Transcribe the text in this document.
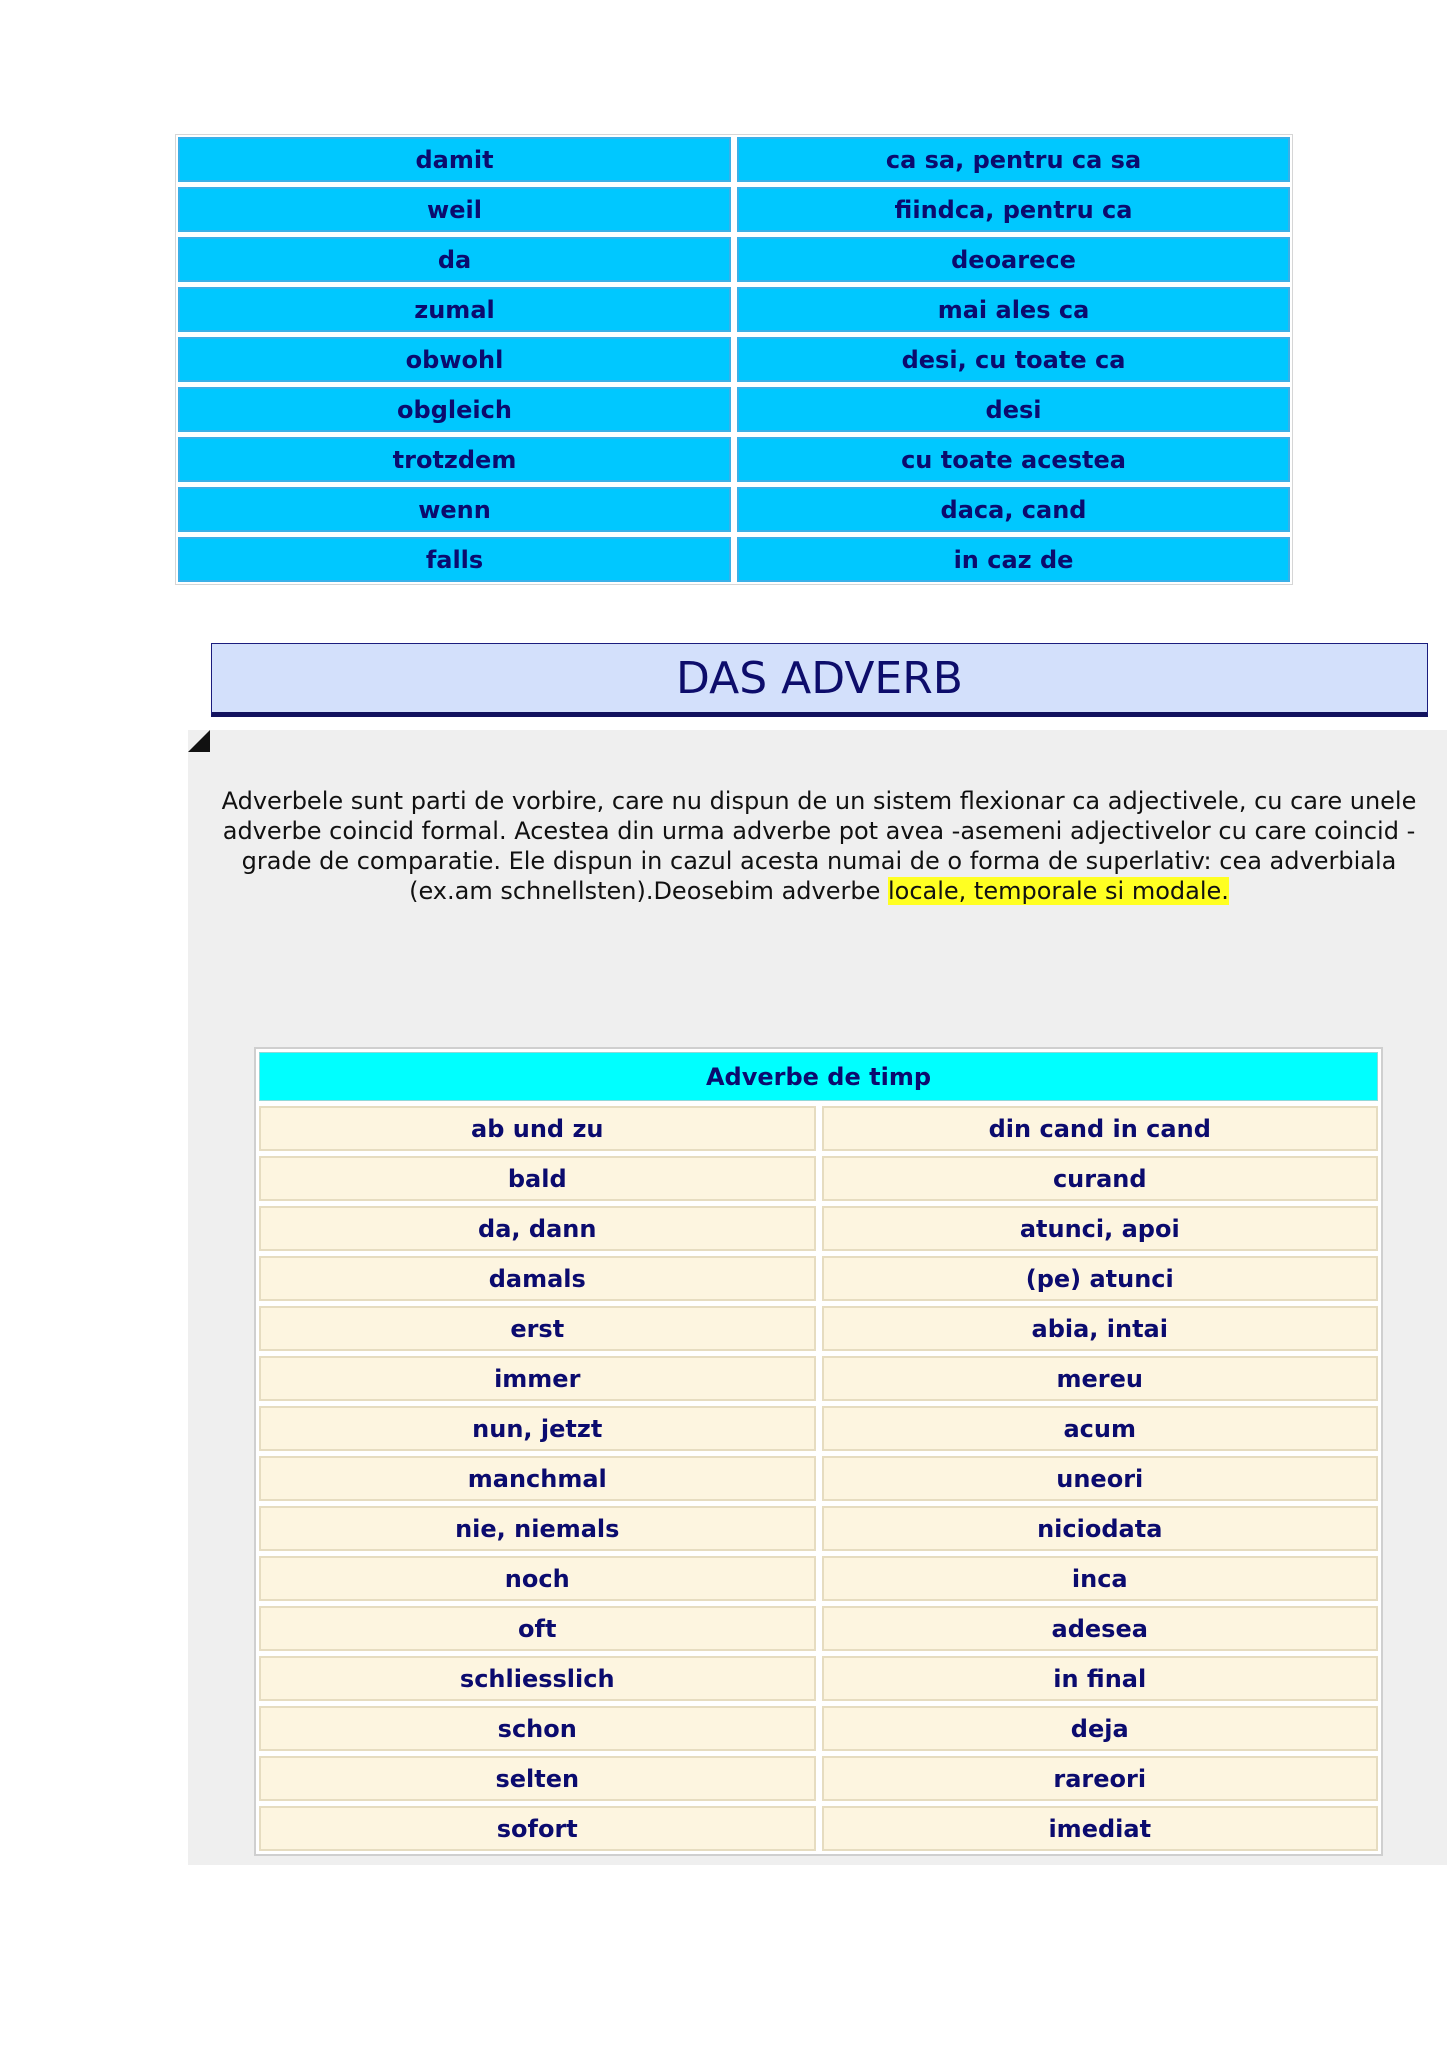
damit	ca sa, pentru ca sa
weil	fiindca, pentru ca
da	deoarece
zumal	mai ales ca
obwohl	desi, cu toate ca
obgleich	desi
trotzdem	cu toate acestea
wenn	daca, cand
falls	in caz de
DAS ADVERB
Adverbele sunt parti de vorbire, care nu dispun de un sistem flexionar ca adjectivele, cu care unele adverbe coincid formal. Acestea din urma adverbe pot avea -asemeni adjectivelor cu care coincid - grade de comparatie. Ele dispun in cazul acesta numai de o forma de superlativ: cea adverbiala (ex.am schnellsten).Deosebim adverbe locale, temporale si modale.
Adverbe de timp
ab und zu	din cand in cand
bald	curand
da, dann	atunci, apoi
damals	(pe) atunci
erst	abia, intai
immer	mereu
nun, jetzt	acum
manchmal	uneori
nie, niemals	niciodata
noch	inca
oft	adesea
schliesslich	in final
schon	deja
selten	rareori
sofort	imediat
